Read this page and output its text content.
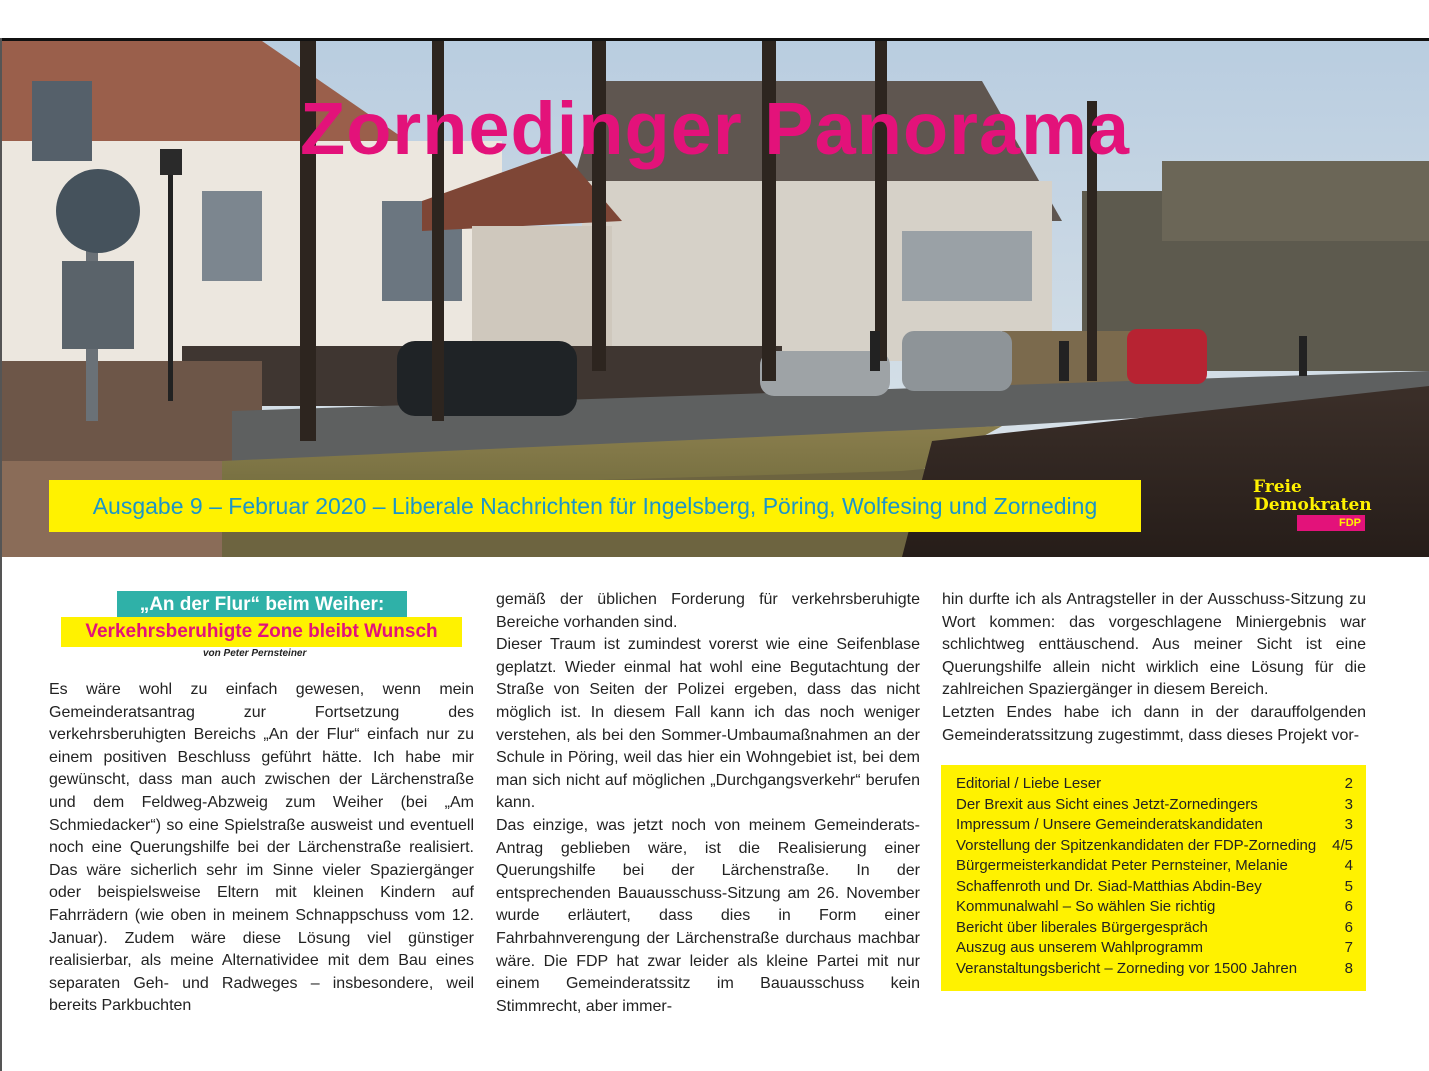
Zornedinger Panorama
Ausgabe 9 – Februar 2020 – Liberale Nachrichten für Ingelsberg, Pöring, Wolfesing und Zorneding
Freie
Demokraten
FDP
„An der Flur“ beim Weiher:
Verkehrsberuhigte Zone bleibt Wunsch
von Peter Pernsteiner

Es wäre wohl zu einfach gewesen, wenn mein Gemeinderatsantrag zur Fortsetzung des verkehrsberuhigten Bereichs „An der Flur“ einfach nur zu einem positiven Beschluss geführt hätte. Ich habe mir gewünscht, dass man auch zwischen der Lärchenstraße und dem Feldweg-Abzweig zum Weiher (bei „Am Schmiedacker“) so eine Spielstraße ausweist und eventuell noch eine Querungshilfe bei der Lärchenstraße realisiert. Das wäre sicherlich sehr im Sinne vieler Spaziergänger oder beispielsweise Eltern mit kleinen Kindern auf Fahrrädern (wie oben in meinem Schnappschuss vom 12. Januar). Zudem wäre diese Lösung viel günstiger realisierbar, als meine Alternatividee mit dem Bau eines separaten Geh- und Radweges – insbesondere, weil bereits Parkbuchten

gemäß der üblichen Forderung für verkehrsberuhigte Bereiche vorhanden sind.

Dieser Traum ist zumindest vorerst wie eine Seifenblase geplatzt. Wieder einmal hat wohl eine Begutachtung der Straße von Seiten der Polizei ergeben, dass das nicht möglich ist. In diesem Fall kann ich das noch weniger verstehen, als bei den Sommer-Umbaumaßnahmen an der Schule in Pöring, weil das hier ein Wohngebiet ist, bei dem man sich nicht auf möglichen „Durchgangsverkehr“ berufen kann.

Das einzige, was jetzt noch von meinem Gemeinderats-Antrag geblieben wäre, ist die Realisierung einer Querungshilfe bei der Lärchenstraße. In der entsprechenden Bauausschuss-Sitzung am 26. November wurde erläutert, dass dies in Form einer Fahrbahnverengung der Lärchenstraße durchaus machbar wäre. Die FDP hat zwar leider als kleine Partei mit nur einem Gemeinderatssitz im Bauausschuss kein Stimmrecht, aber immer-

hin durfte ich als Antragsteller in der Ausschuss-Sitzung zu Wort kommen: das vorgeschlagene Miniergebnis war schlichtweg enttäuschend. Aus meiner Sicht ist eine Querungshilfe allein nicht wirklich eine Lösung für die zahlreichen Spaziergänger in diesem Bereich.

Letzten Endes habe ich dann in der darauffolgenden Gemeinderatssitzung zugestimmt, dass dieses Projekt vor-

Editorial / Liebe Leser	2
Der Brexit aus Sicht eines Jetzt-Zornedingers	3
Impressum / Unsere Gemeinderatskandidaten	3
Vorstellung der Spitzenkandidaten der FDP-Zorneding 4/5
Bürgermeisterkandidat Peter Pernsteiner, Melanie	4
Schaffenroth und Dr. Siad-Matthias Abdin-Bey	5
Kommunalwahl – So wählen Sie richtig	6
Bericht über liberales Bürgergespräch	6
Auszug aus unserem Wahlprogramm	7
Veranstaltungsbericht – Zorneding vor 1500 Jahren	8
